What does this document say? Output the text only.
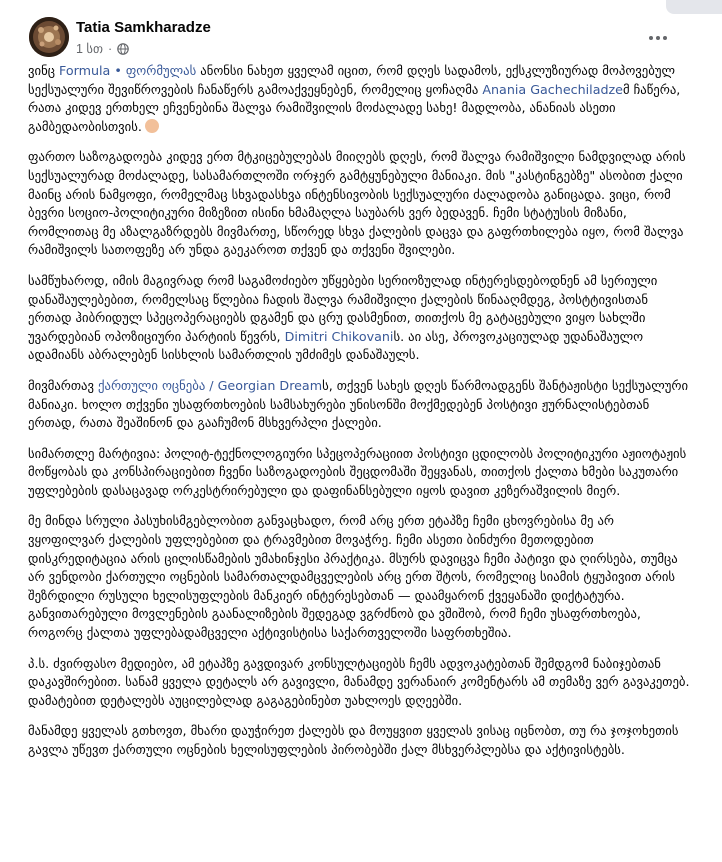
Tatia Samkharadze
1 სთ ·

ვინც Formula • ფორმულას ანონსი ნახეთ ყველამ იცით, რომ დღეს სადამოს, ექსკლუზიურად მოპოვებულ სექსუალური შევიწროვების ჩანაწერს გამოაქვეყნებენ, რომელიც ყოჩაღმა Anania Gachechiladzeმ ჩაწერა, რათა კიდევ ერთხელ ეჩვენებინა შალვა რამიშვილის მოძალადე სახე! მადლობა, ანანიას ასეთი გამბედაობისთვის.

ფართო საზოგადოება კიდევ ერთ მტკიცებულებას მიიღებს დღეს, რომ შალვა რამიშვილი ნამდვილად არის სექსუალურად მოძალადე, სასამართლოში ორჯერ გამტყუნებული მანიაკი. მის "კასტინგებზე" ასობით ქალი მაინც არის ნამყოფი, რომელმაც სხვადასხვა ინტენსივობის სექსუალური ძალადობა განიცადა. ვიცი, რომ ბევრი სოციო-პოლიტიკური მიზეზით ისინი ხმამაღლა საუბარს ვერ ბედავენ. ჩემი სტატუსის მიზანი, რომლითაც მე აზალგაზრდებს მივმართე, სწორედ სხვა ქალების დაცვა და გაფრთხილება იყო, რომ შალვა რამიშვილს სათოფეზე არ უნდა გაეკაროთ თქვენ და თქვენი შვილები.

სამწუხაროდ, იმის მაგივრად რომ საგამოძიებო უწყებები სერიოზულად ინტერესდებოდნენ ამ სერიული დანაშაულებებით, რომელსაც წლებია ჩადის შალვა რამიშვილი ქალების წინააღმდეგ, პოსტტივისთან ერთად ჰიბრიდულ სპეცოპერაციებს დგამენ და ცრუ დასმენით, თითქოს მე გატაცებული ვიყო სახლში უვარდებიან ოპოზიციური პარტიის წევრს, Dimitri Chikovaniს. აი ასე, პროვოკაციულად უდანაშაულო ადამიანს აბრალებენ სისხლის სამართლის უმძიმეს დანაშაულს.

მივმართავ ქართული ოცნება / Georgian Dreamს, თქვენ სახეს დღეს წარმოადგენს შანტაჟისტი სექსუალური მანიაკი. ხოლო თქვენი უსაფრთხოების სამსახურები უნისონში მოქმედებენ პოსტივი ჟურნალისტებთან ერთად, რათა შეაშინონ და გააჩუმონ მსხვერპლი ქალები.

სიმართლე მარტივია: პოლიტ-ტექნოლოგიური სპეცოპერაციით პოსტივი ცდილობს პოლიტიკური აჟიოტაჟის მოწყობას და კონსპირაციებით ჩვენი საზოგადოების შეცდომაში შეყვანას, თითქოს ქალთა ხმები საკუთარი უფლებების დასაცავად ორკესტრირებული და დაფინანსებული იყოს დავით კეზერაშვილის მიერ.

მე მინდა სრული პასუხისმგებლობით განვაცხადო, რომ არც ერთ ეტაპზე ჩემი ცხოვრებისა მე არ ვყოფილვარ ქალების უფლებებით და ტრავმებით მოვაჭრე. ჩემი ასეთი ბინძური მეთოდებით დისკრედიტაცია არის ცილისწამების უმახინჯესი პრაქტიკა. მსურს დავიცვა ჩემი პატივი და ღირსება, თუმცა არ ვენდობი ქართული ოცნების სამართალდამცველების არც ერთ შტოს, რომელიც სიამის ტყუპივით არის შეზრდილი რუსული ხელისუფლების მანკიერ ინტერესებთან — დაამყარონ ქვეყანაში დიქტატურა. განვითარებული მოვლენების გაანალიზების შედეგად ვგრძნობ და ვშიშობ, რომ ჩემი უსაფრთხოება, როგორც ქალთა უფლებადამცველი აქტივისტისა საქართველოში საფრთხეშია.

პ.ს. ძვირფასო მედიებო, ამ ეტაპზე გავდივარ კონსულტაციებს ჩემს ადვოკატებთან შემდგომ ნაბიჯებთან დაკავშირებით. სანამ ყველა დეტალს არ გავივლი, მანამდე ვერანაირ კომენტარს ამ თემაზე ვერ გავაკეთებ. დამატებით დეტალებს აუცილებლად გაგაგებინებთ უახლოეს დღეებში.

მანამდე ყველას გთხოვთ, მხარი დაუჭირეთ ქალებს და მოუყვით ყველას ვისაც იცნობთ, თუ რა ჯოჯოხეთის გავლა უწევთ ქართული ოცნების ხელისუფლების პირობებში ქალ მსხვერპლებსა და აქტივისტებს.
